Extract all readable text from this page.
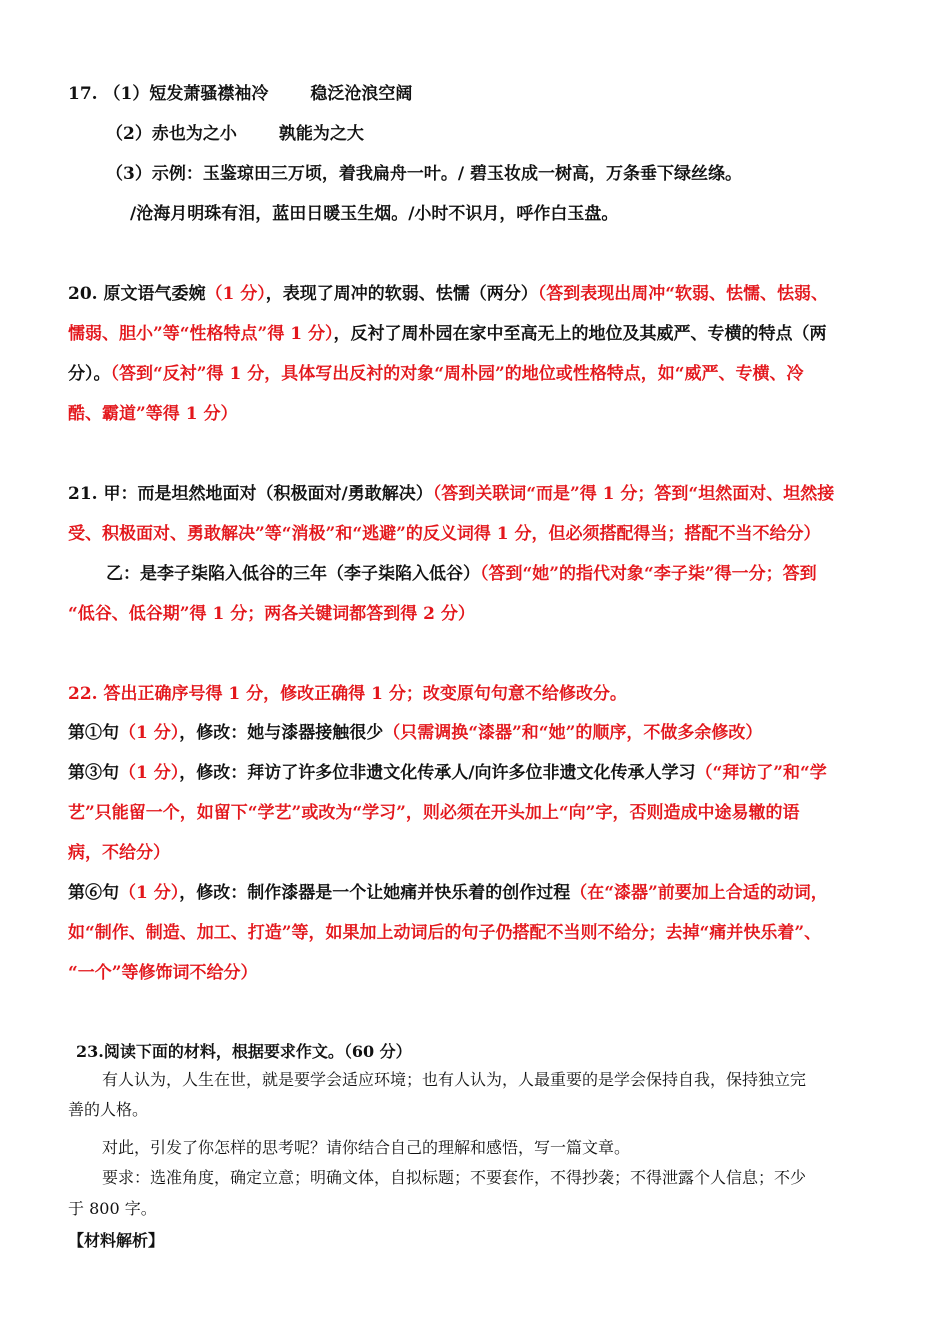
17. （1）短发萧骚襟袖冷 稳泛沧浪空阔
（2）赤也为之小 孰能为之大
（3）示例：玉鉴琼田三万顷，着我扁舟一叶。/ 碧玉妆成一树高，万条垂下绿丝绦。
/沧海月明珠有泪，蓝田日暖玉生烟。/小时不识月，呼作白玉盘。
20. 原文语气委婉（1 分），表现了周冲的软弱、怯懦（两分）（答到表现出周冲“软弱、怯懦、怯弱、
懦弱、胆小”等“性格特点”得 1 分），反衬了周朴园在家中至高无上的地位及其威严、专横的特点（两
分）。（答到“反衬”得 1 分，具体写出反衬的对象“周朴园”的地位或性格特点，如“威严、专横、冷
酷、霸道”等得 1 分）
21. 甲：而是坦然地面对（积极面对/勇敢解决）（答到关联词“而是”得 1 分；答到“坦然面对、坦然接
受、积极面对、勇敢解决”等“消极”和“逃避”的反义词得 1 分，但必须搭配得当；搭配不当不给分）
乙：是李子柒陷入低谷的三年（李子柒陷入低谷）（答到“她”的指代对象“李子柒”得一分；答到
“低谷、低谷期”得 1 分；两各关键词都答到得 2 分）
22. 答出正确序号得 1 分，修改正确得 1 分；改变原句句意不给修改分。
第①句（1 分），修改：她与漆器接触很少（只需调换“漆器”和“她”的顺序，不做多余修改）
第③句（1 分），修改：拜访了许多位非遗文化传承人/向许多位非遗文化传承人学习（“拜访了”和“学
艺”只能留一个，如留下“学艺”或改为“学习”，则必须在开头加上“向”字，否则造成中途易辙的语
病，不给分）
第⑥句（1 分），修改：制作漆器是一个让她痛并快乐着的创作过程（在“漆器”前要加上合适的动词，
如“制作、制造、加工、打造”等，如果加上动词后的句子仍搭配不当则不给分；去掉“痛并快乐着”、
“一个”等修饰词不给分）
23.阅读下面的材料，根据要求作文。（60 分）
有人认为，人生在世，就是要学会适应环境；也有人认为，人最重要的是学会保持自我，保持独立完
善的人格。
对此，引发了你怎样的思考呢？请你结合自己的理解和感悟，写一篇文章。
要求：选准角度，确定立意；明确文体，自拟标题；不要套作，不得抄袭；不得泄露个人信息；不少
于 800 字。
【材料解析】
